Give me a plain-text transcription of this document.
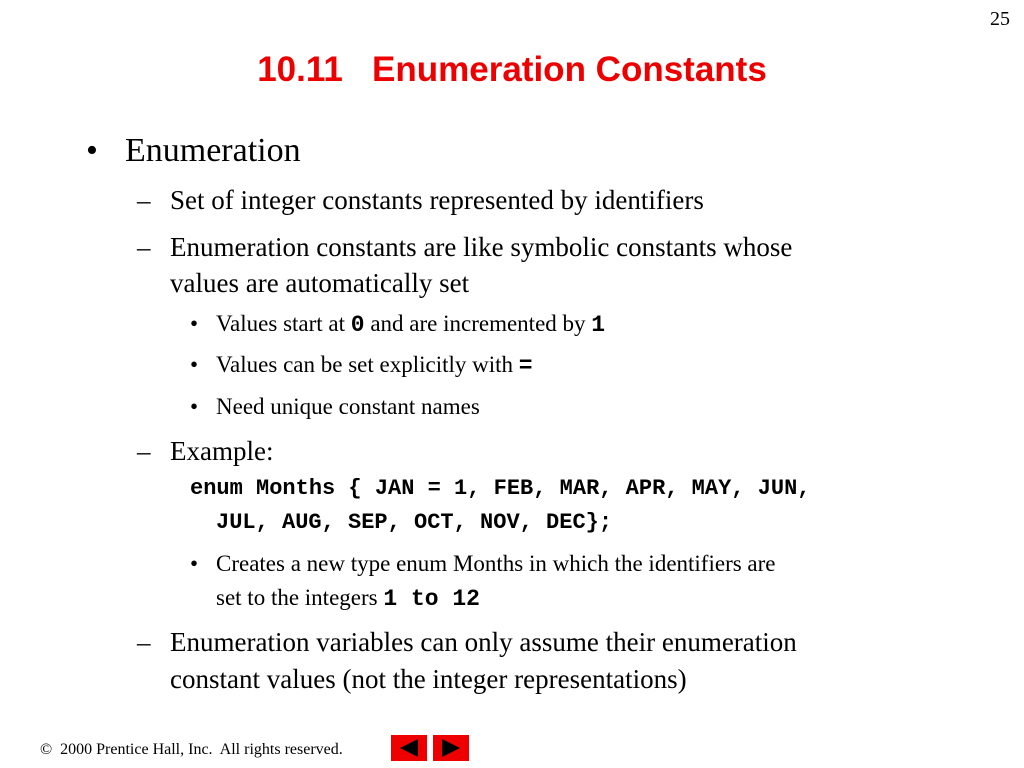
25
10.11   Enumeration Constants
• Enumeration
– Set of integer constants represented by identifiers
– Enumeration constants are like symbolic constants whose
values are automatically set
• Values start at 0 and are incremented by 1
• Values can be set explicitly with =
• Need unique constant names
– Example:
enum Months { JAN = 1, FEB, MAR, APR, MAY, JUN,
JUL, AUG, SEP, OCT, NOV, DEC};
• Creates a new type enum Months in which the identifiers are
set to the integers 1 to 12
– Enumeration variables can only assume their enumeration
constant values (not the integer representations)
©  2000 Prentice Hall, Inc.  All rights reserved.
